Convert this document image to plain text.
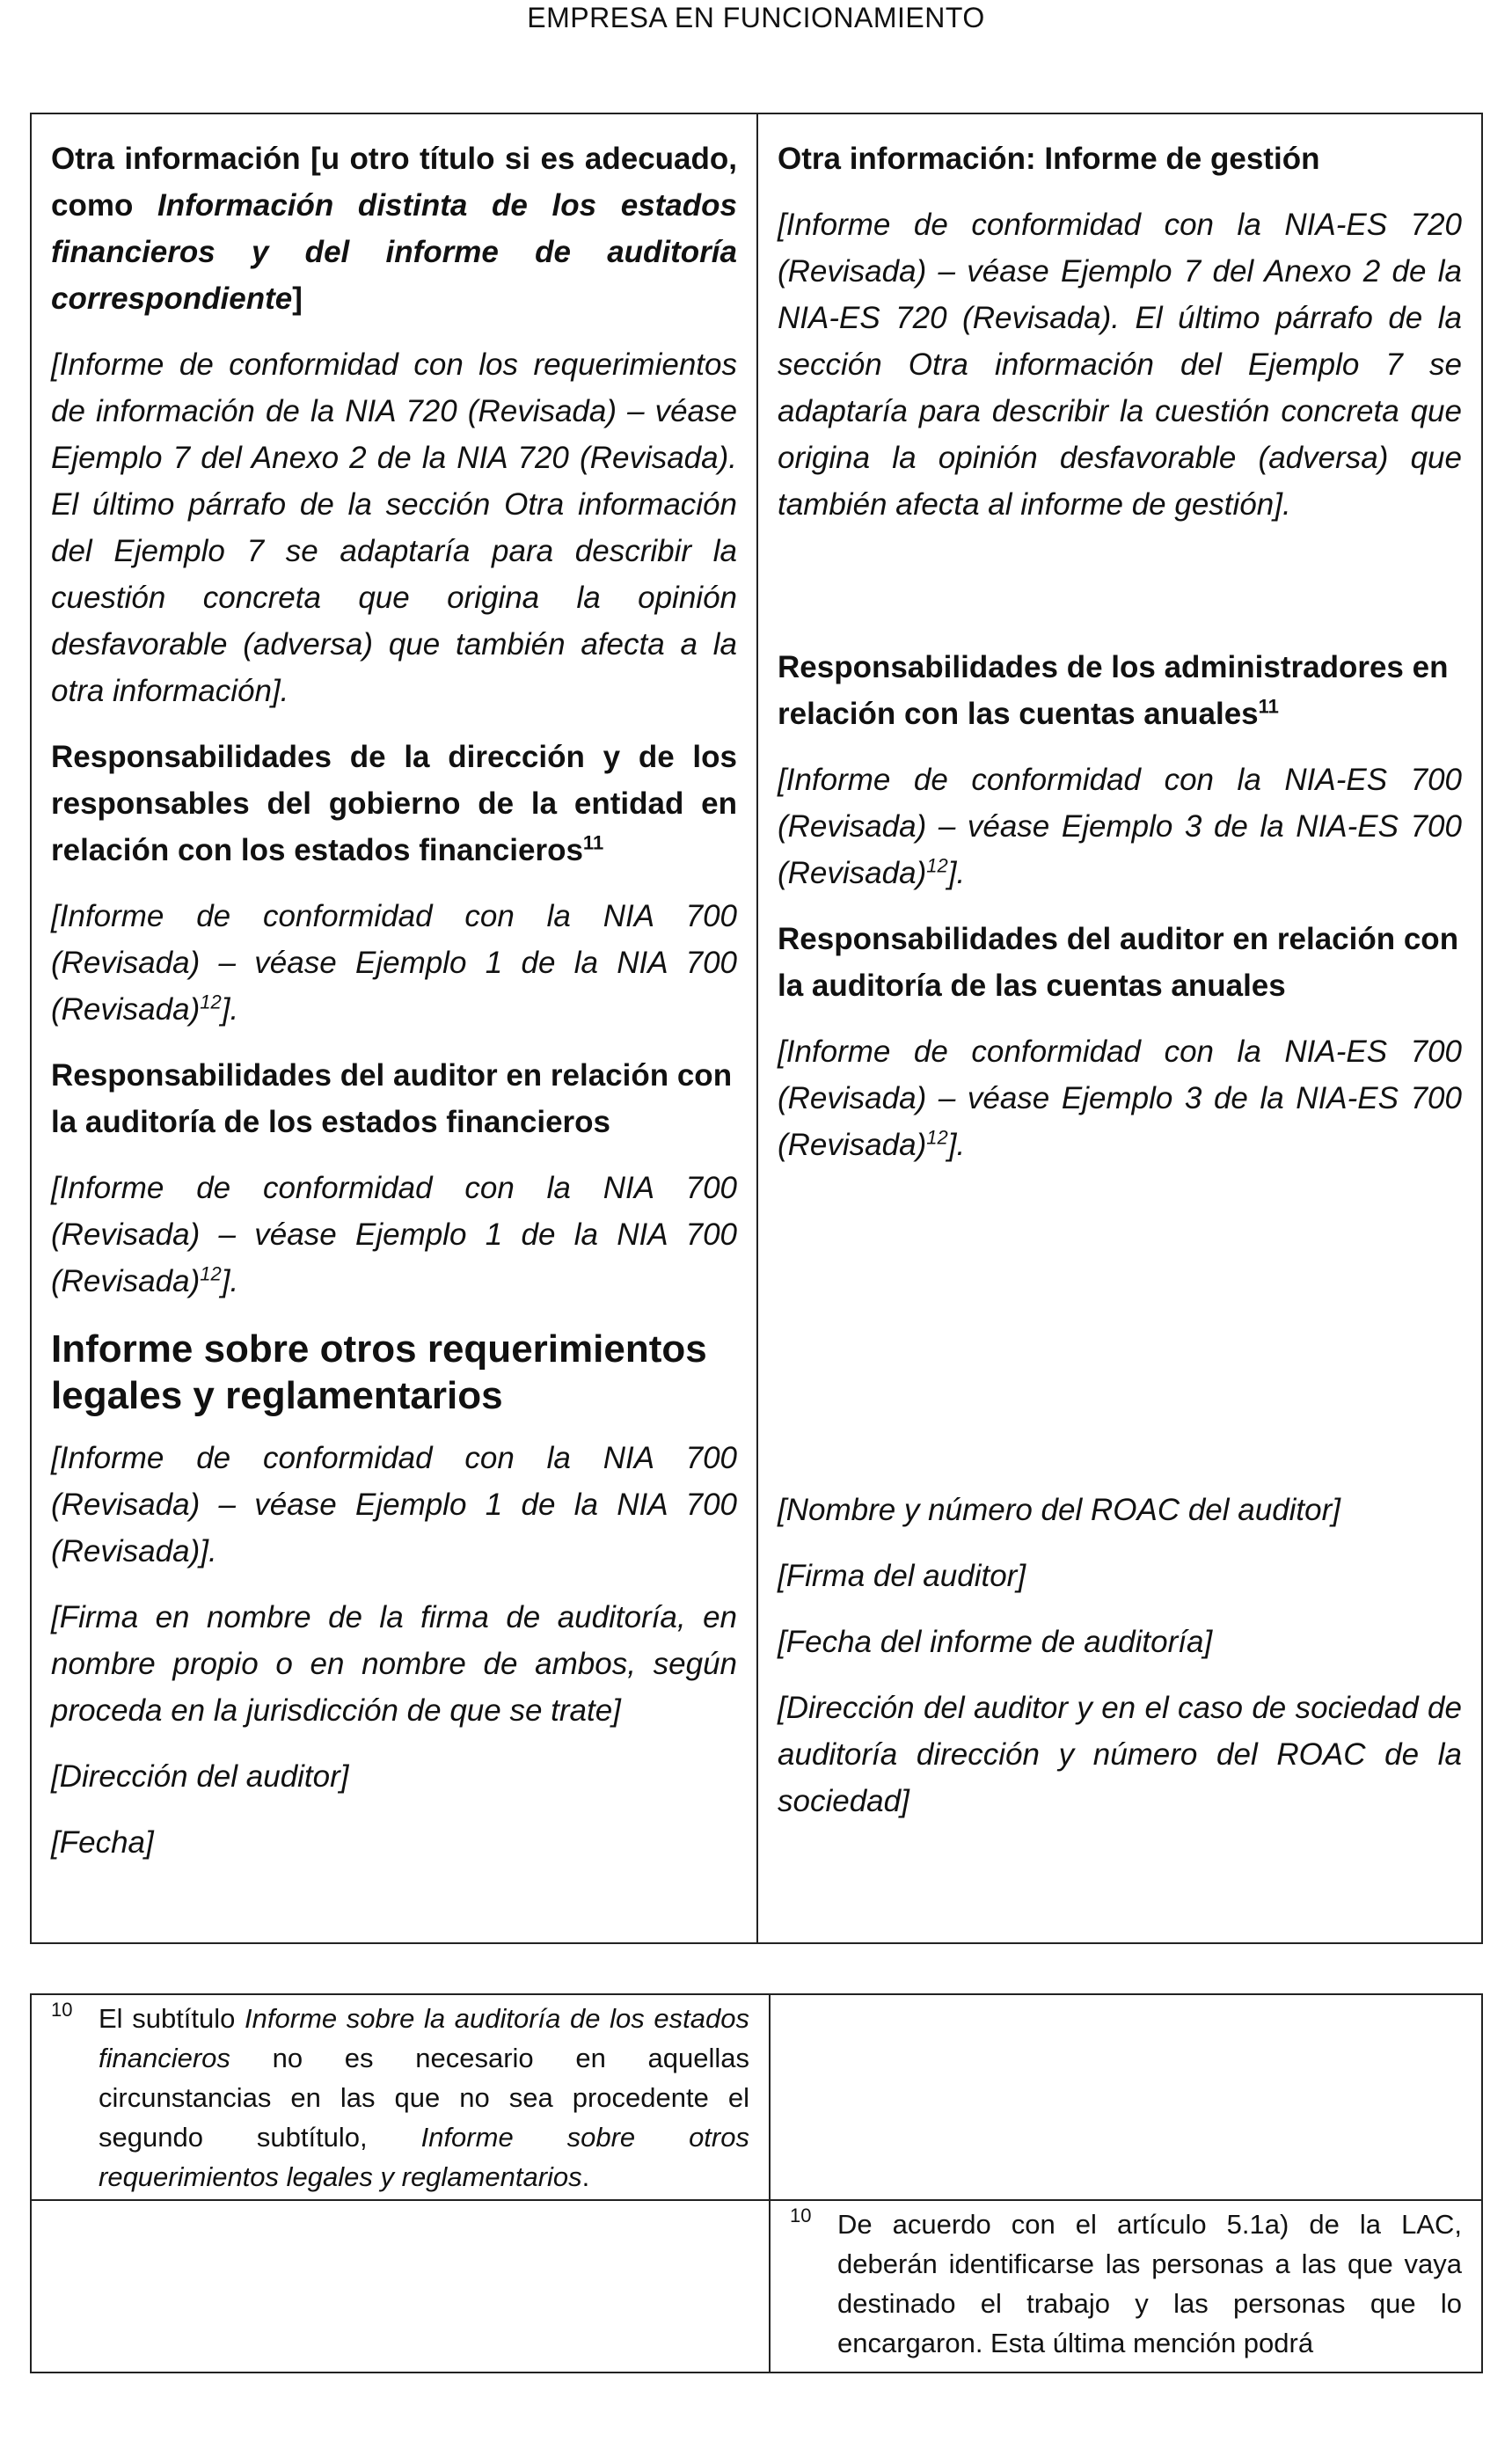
EMPRESA EN FUNCIONAMIENTO

Otra información [u otro título si es adecuado, como Información distinta de los estados financieros y del informe de auditoría correspondiente]

[Informe de conformidad con los requerimientos de información de la NIA 720 (Revisada) – véase Ejemplo 7 del Anexo 2 de la NIA 720 (Revisada). El último párrafo de la sección Otra información del Ejemplo 7 se adaptaría para describir la cuestión concreta que origina la opinión desfavorable (adversa) que también afecta a la otra información].

Responsabilidades de la dirección y de los responsables del gobierno de la entidad en relación con los estados financieros$^{11}$

[Informe de conformidad con la NIA 700 (Revisada) – véase Ejemplo 1 de la NIA 700 (Revisada)$^{12}$].

Responsabilidades del auditor en relación con la auditoría de los estados financieros

[Informe de conformidad con la NIA 700 (Revisada) – véase Ejemplo 1 de la NIA 700 (Revisada)$^{12}$].

Informe sobre otros requerimientos legales y reglamentarios

[Informe de conformidad con la NIA 700 (Revisada) – véase Ejemplo 1 de la NIA 700 (Revisada)].

[Firma en nombre de la firma de auditoría, en nombre propio o en nombre de ambos, según proceda en la jurisdicción de que se trate]

[Dirección del auditor]

[Fecha]

Otra información: Informe de gestión

[Informe de conformidad con la NIA-ES 720 (Revisada) – véase Ejemplo 7 del Anexo 2 de la NIA-ES 720 (Revisada). El último párrafo de la sección Otra información del Ejemplo 7 se adaptaría para describir la cuestión concreta que origina la opinión desfavorable (adversa) que también afecta al informe de gestión].

Responsabilidades de los administradores en relación con las cuentas anuales$^{11}$

[Informe de conformidad con la NIA-ES 700 (Revisada) – véase Ejemplo 3 de la NIA-ES 700 (Revisada)$^{12}$].

Responsabilidades del auditor en relación con la auditoría de las cuentas anuales

[Informe de conformidad con la NIA-ES 700 (Revisada) – véase Ejemplo 3 de la NIA-ES 700 (Revisada)$^{12}$].

[Nombre y número del ROAC del auditor]

[Firma del auditor]

[Fecha del informe de auditoría]

[Dirección del auditor y en el caso de sociedad de auditoría dirección y número del ROAC de la sociedad]

10 El subtítulo Informe sobre la auditoría de los estados financieros no es necesario en aquellas circunstancias en las que no sea procedente el segundo subtítulo, Informe sobre otros requerimientos legales y reglamentarios.
10 De acuerdo con el artículo 5.1a) de la LAC, deberán identificarse las personas a las que vaya destinado el trabajo y las personas que lo encargaron. Esta última mención podrá
